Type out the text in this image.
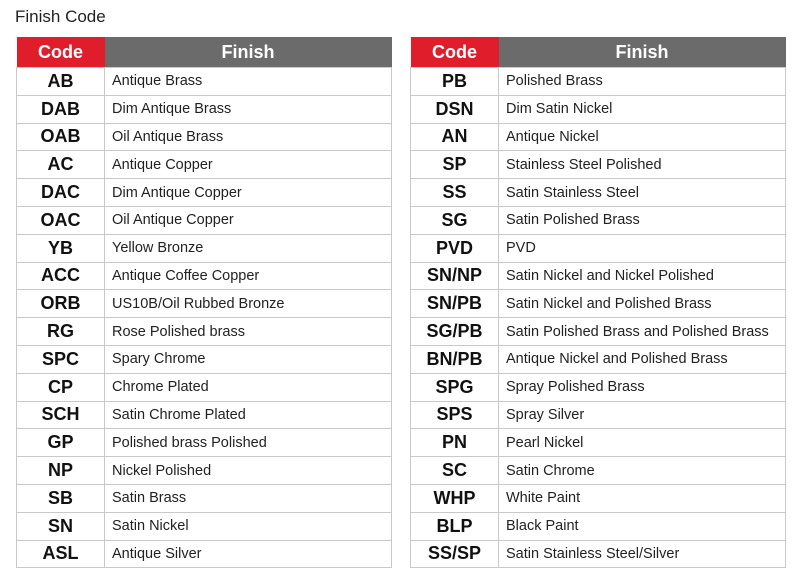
Finish Code
Code	Finish
AB	Antique Brass
DAB	Dim Antique Brass
OAB	Oil Antique Brass
AC	Antique Copper
DAC	Dim Antique Copper
OAC	Oil Antique Copper
YB	Yellow Bronze
ACC	Antique Coffee Copper
ORB	US10B/Oil Rubbed Bronze
RG	Rose Polished brass
SPC	Spary Chrome
CP	Chrome Plated
SCH	Satin Chrome Plated
GP	Polished brass Polished
NP	Nickel Polished
SB	Satin Brass
SN	Satin Nickel
ASL	Antique Silver
Code	Finish
PB	Polished Brass
DSN	Dim Satin Nickel
AN	Antique Nickel
SP	Stainless Steel Polished
SS	Satin Stainless Steel
SG	Satin Polished Brass
PVD	PVD
SN/NP	Satin Nickel and Nickel Polished
SN/PB	Satin Nickel and Polished Brass
SG/PB	Satin Polished Brass and Polished Brass
BN/PB	Antique Nickel and Polished Brass
SPG	Spray Polished Brass
SPS	Spray Silver
PN	Pearl Nickel
SC	Satin Chrome
WHP	White Paint
BLP	Black Paint
SS/SP	Satin Stainless Steel/Silver
